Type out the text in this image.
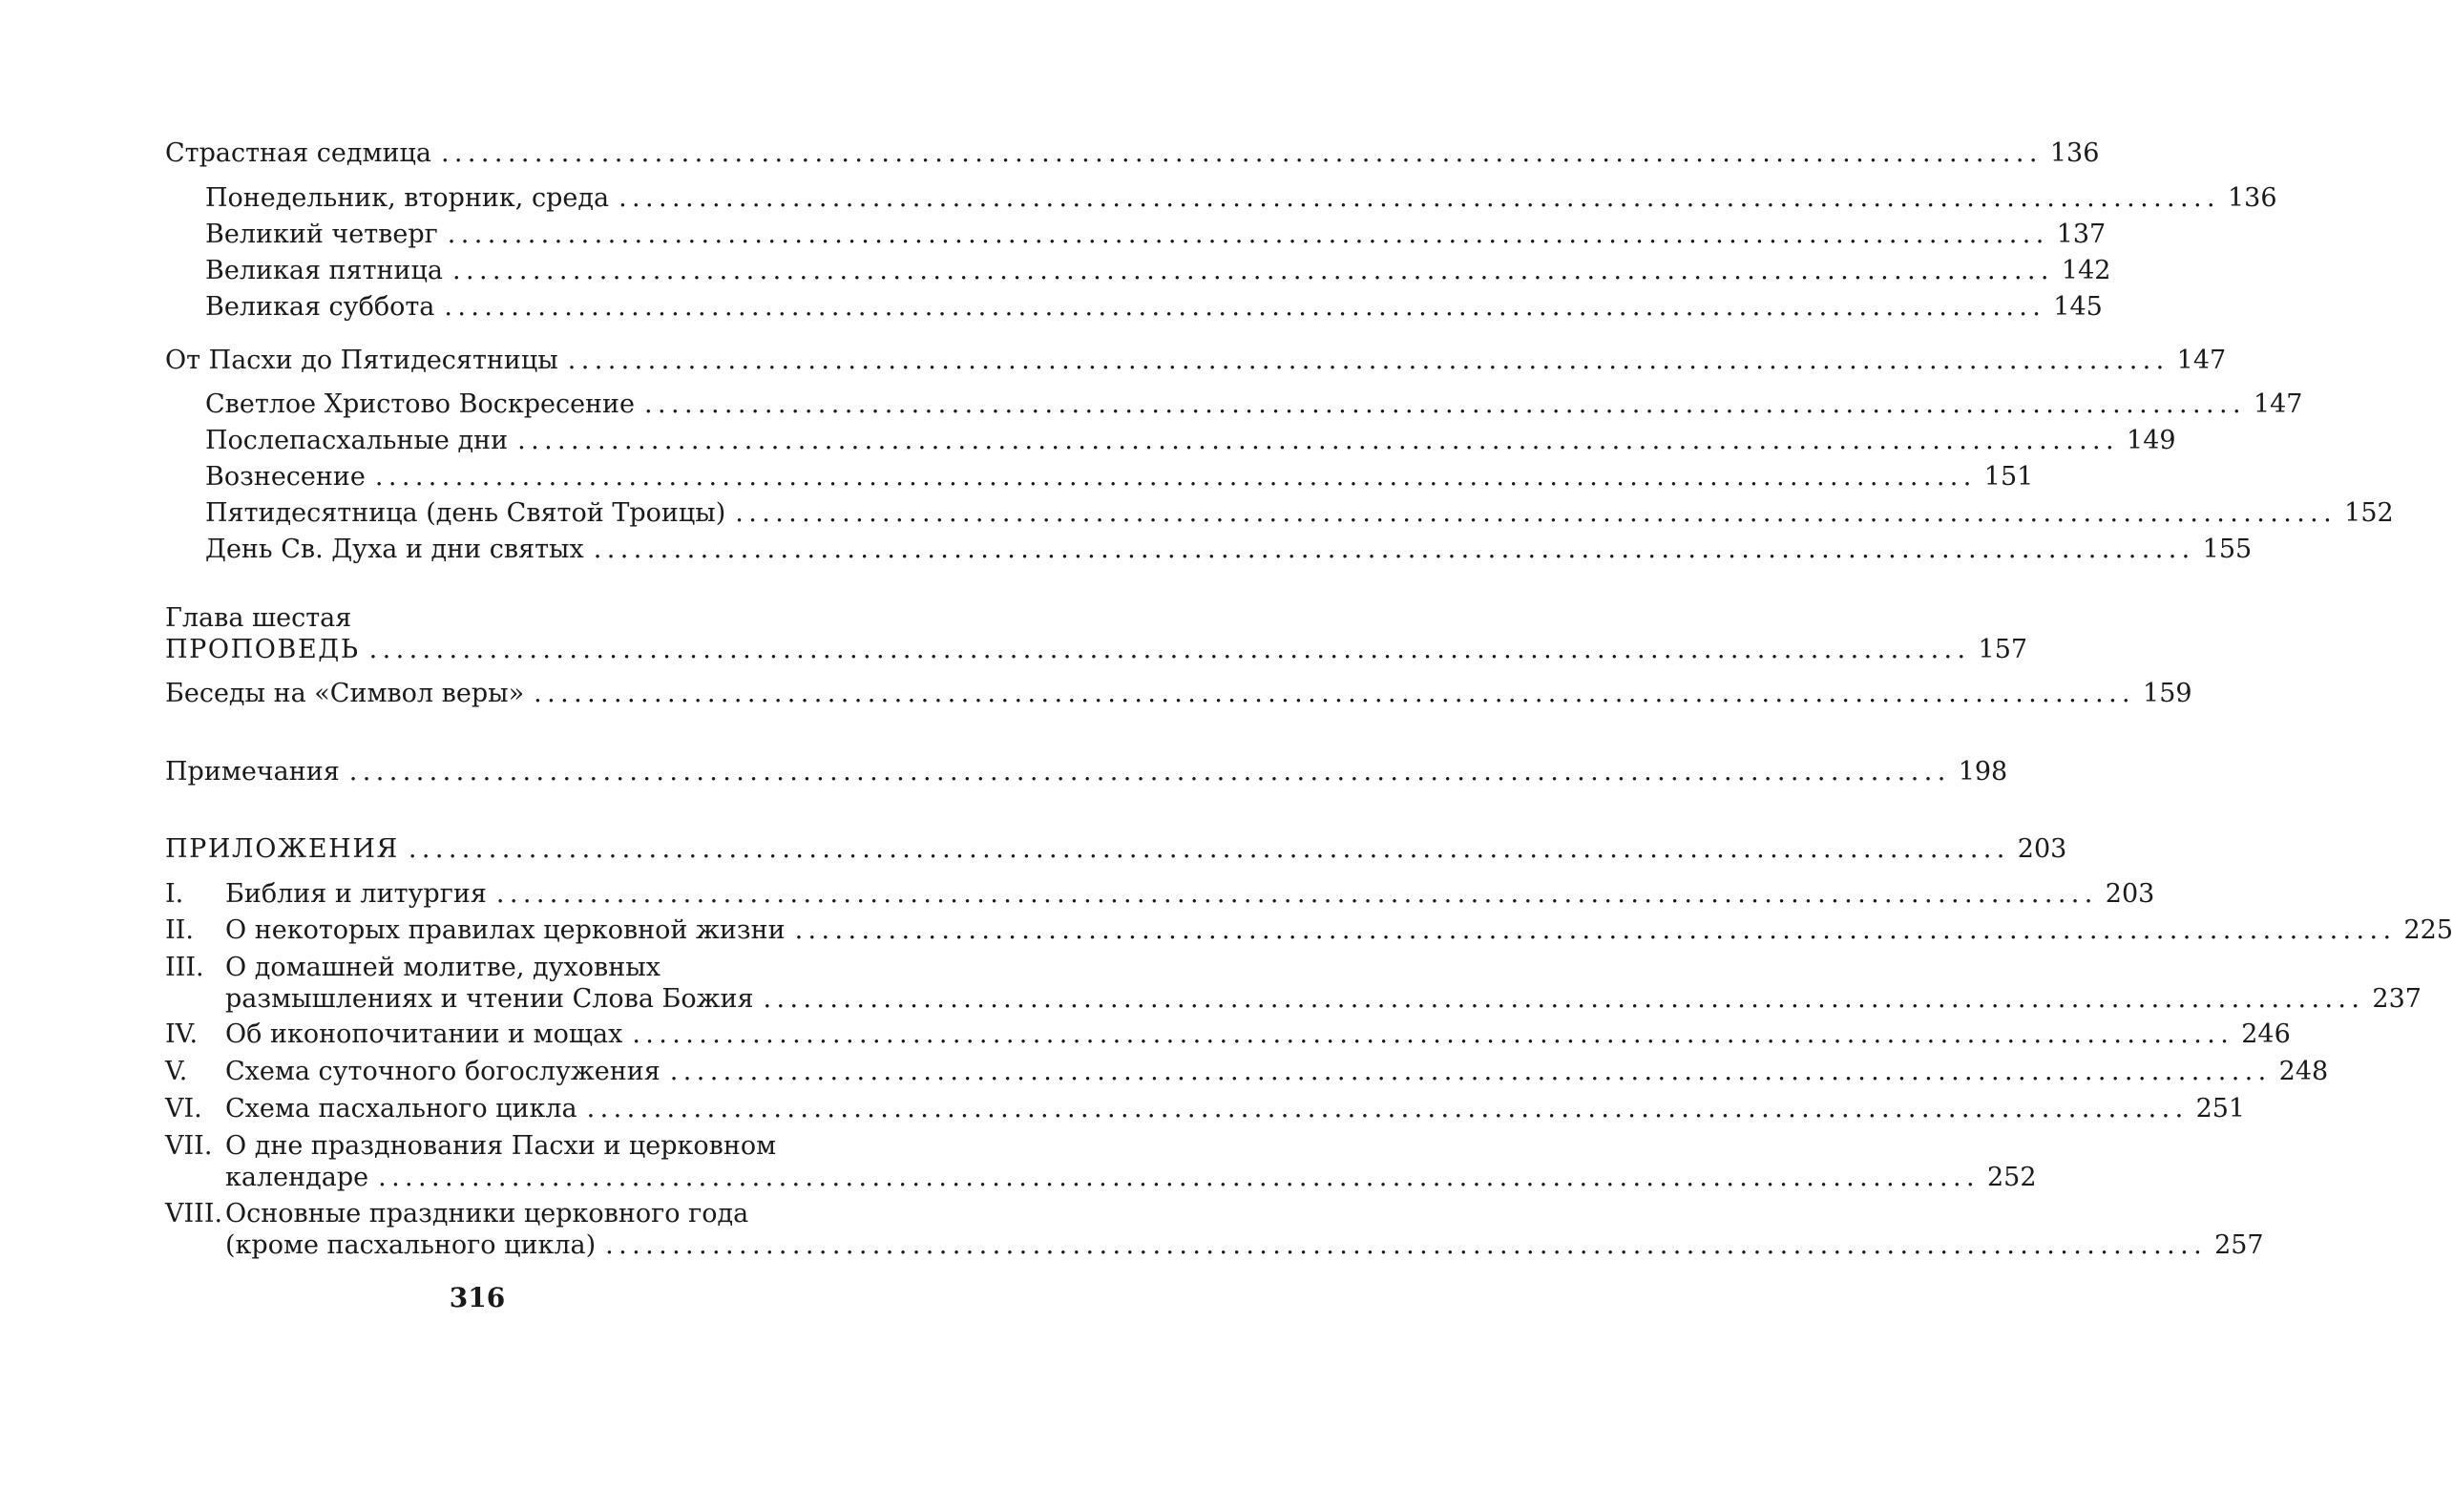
Страстная седмица ........................................................................................................................ 136
Понедельник, вторник, среда ........................................................................................................................ 136
Великий четверг ........................................................................................................................ 137
Великая пятница ........................................................................................................................ 142
Великая суббота ........................................................................................................................ 145
От Пасхи до Пятидесятницы ........................................................................................................................ 147
Светлое Христово Воскресение ........................................................................................................................ 147
Послепасхальные дни ........................................................................................................................ 149
Вознесение ........................................................................................................................ 151
Пятидесятница (день Святой Троицы) ........................................................................................................................ 152
День Св. Духа и дни святых ........................................................................................................................ 155
Глава шестая
ПРОПОВЕДЬ ........................................................................................................................ 157
Беседы на «Символ веры» ........................................................................................................................ 159
Примечания ........................................................................................................................ 198
ПРИЛОЖЕНИЯ ........................................................................................................................ 203
I.	Библия и литургия ........................................................................................................................ 203
II.	О некоторых правилах церковной жизни ........................................................................................................................ 225
III. О домашней молитве, духовных
размышлениях и чтении Слова Божия ........................................................................................................................ 237
IV.	Об иконопочитании и мощах ........................................................................................................................ 246
V.	Схема суточного богослужения ........................................................................................................................ 248
VI. Схема пасхального цикла ........................................................................................................................ 251
VII. О дне празднования Пасхи и церковном
календаре ........................................................................................................................ 252
VIII. Основные праздники церковного года
(кроме пасхального цикла) ........................................................................................................................ 257
316
